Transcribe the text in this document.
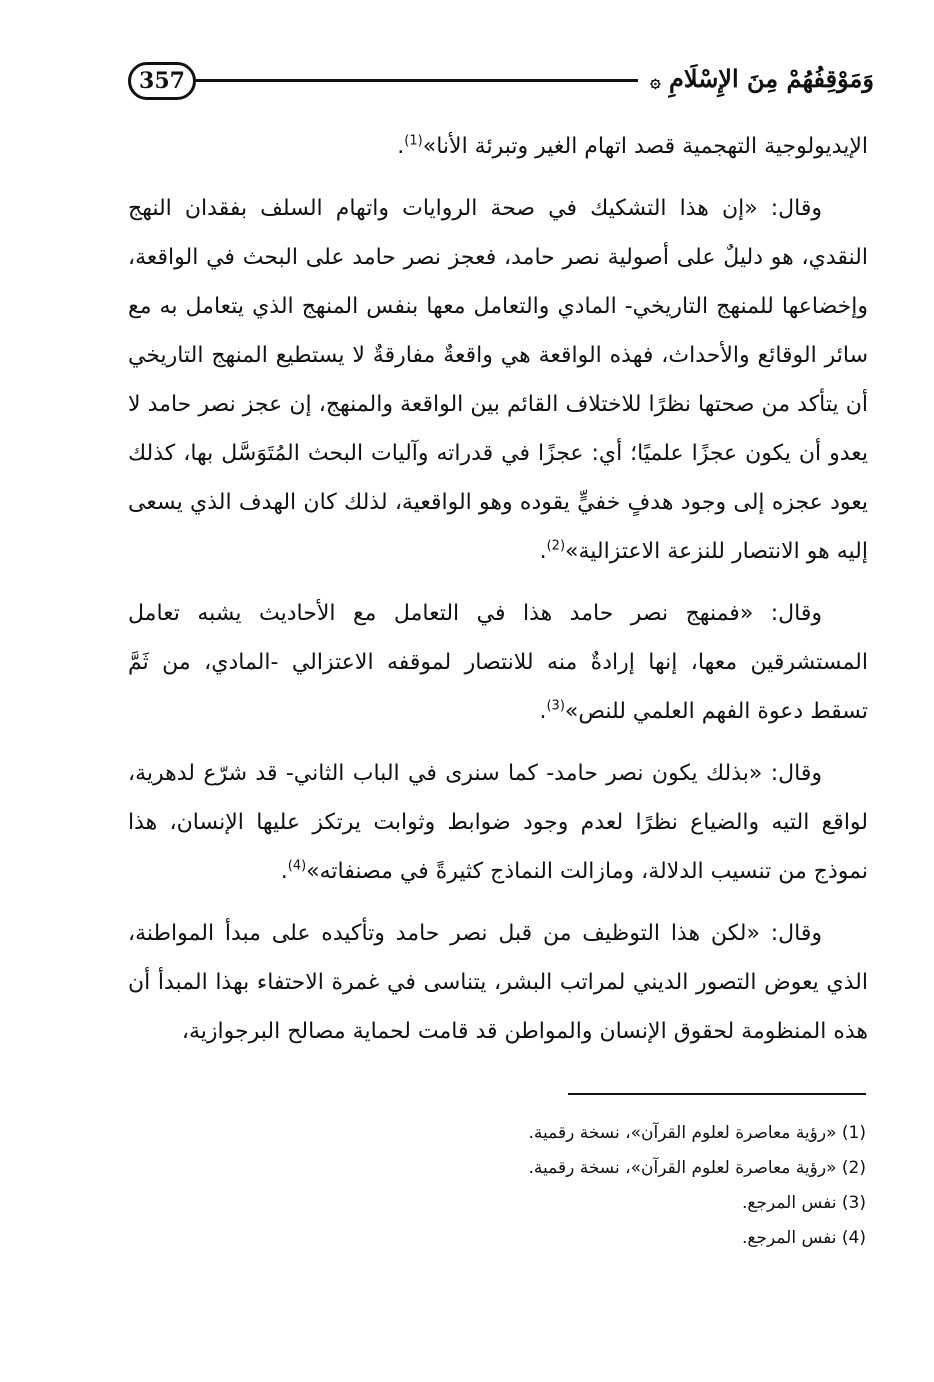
357	وَمَوْقِفُهُمْ مِنَ الإِسْلَامِ ۞

الإيديولوجية التهجمية قصد اتهام الغير وتبرئة الأنا»$^{(1)}$.

وقال: «إن هذا التشكيك في صحة الروايات واتهام السلف بفقدان النهج النقدي، هو دليلٌ على أصولية نصر حامد، فعجز نصر حامد على البحث في الواقعة، وإخضاعها للمنهج التاريخي- المادي والتعامل معها بنفس المنهج الذي يتعامل به مع سائر الوقائع والأحداث، فهذه الواقعة هي واقعةٌ مفارقةٌ لا يستطيع المنهج التاريخي أن يتأكد من صحتها نظرًا للاختلاف القائم بين الواقعة والمنهج، إن عجز نصر حامد لا يعدو أن يكون عجزًا علميًا؛ أي: عجزًا في قدراته وآليات البحث المُتَوَسَّل بها، كذلك يعود عجزه إلى وجود هدفٍ خفيٍّ يقوده وهو الواقعية، لذلك كان الهدف الذي يسعى إليه هو الانتصار للنزعة الاعتزالية»$^{(2)}$.

وقال: «فمنهج نصر حامد هذا في التعامل مع الأحاديث يشبه تعامل المستشرقين معها، إنها إرادةٌ منه للانتصار لموقفه الاعتزالي -المادي، من ثَمَّ تسقط دعوة الفهم العلمي للنص»$^{(3)}$.

وقال: «بذلك يكون نصر حامد- كما سنرى في الباب الثاني- قد شرّع لدهرية، لواقع التيه والضياع نظرًا لعدم وجود ضوابط وثوابت يرتكز عليها الإنسان، هذا نموذج من تنسيب الدلالة، ومازالت النماذج كثيرةً في مصنفاته»$^{(4)}$.

وقال: «لكن هذا التوظيف من قبل نصر حامد وتأكيده على مبدأ المواطنة، الذي يعوض التصور الديني لمراتب البشر، يتناسى في غمرة الاحتفاء بهذا المبدأ أن هذه المنظومة لحقوق الإنسان والمواطن قد قامت لحماية مصالح البرجوازية،

(1) «رؤية معاصرة لعلوم القرآن»، نسخة رقمية.

(2) «رؤية معاصرة لعلوم القرآن»، نسخة رقمية.

(3) نفس المرجع.

(4) نفس المرجع.
